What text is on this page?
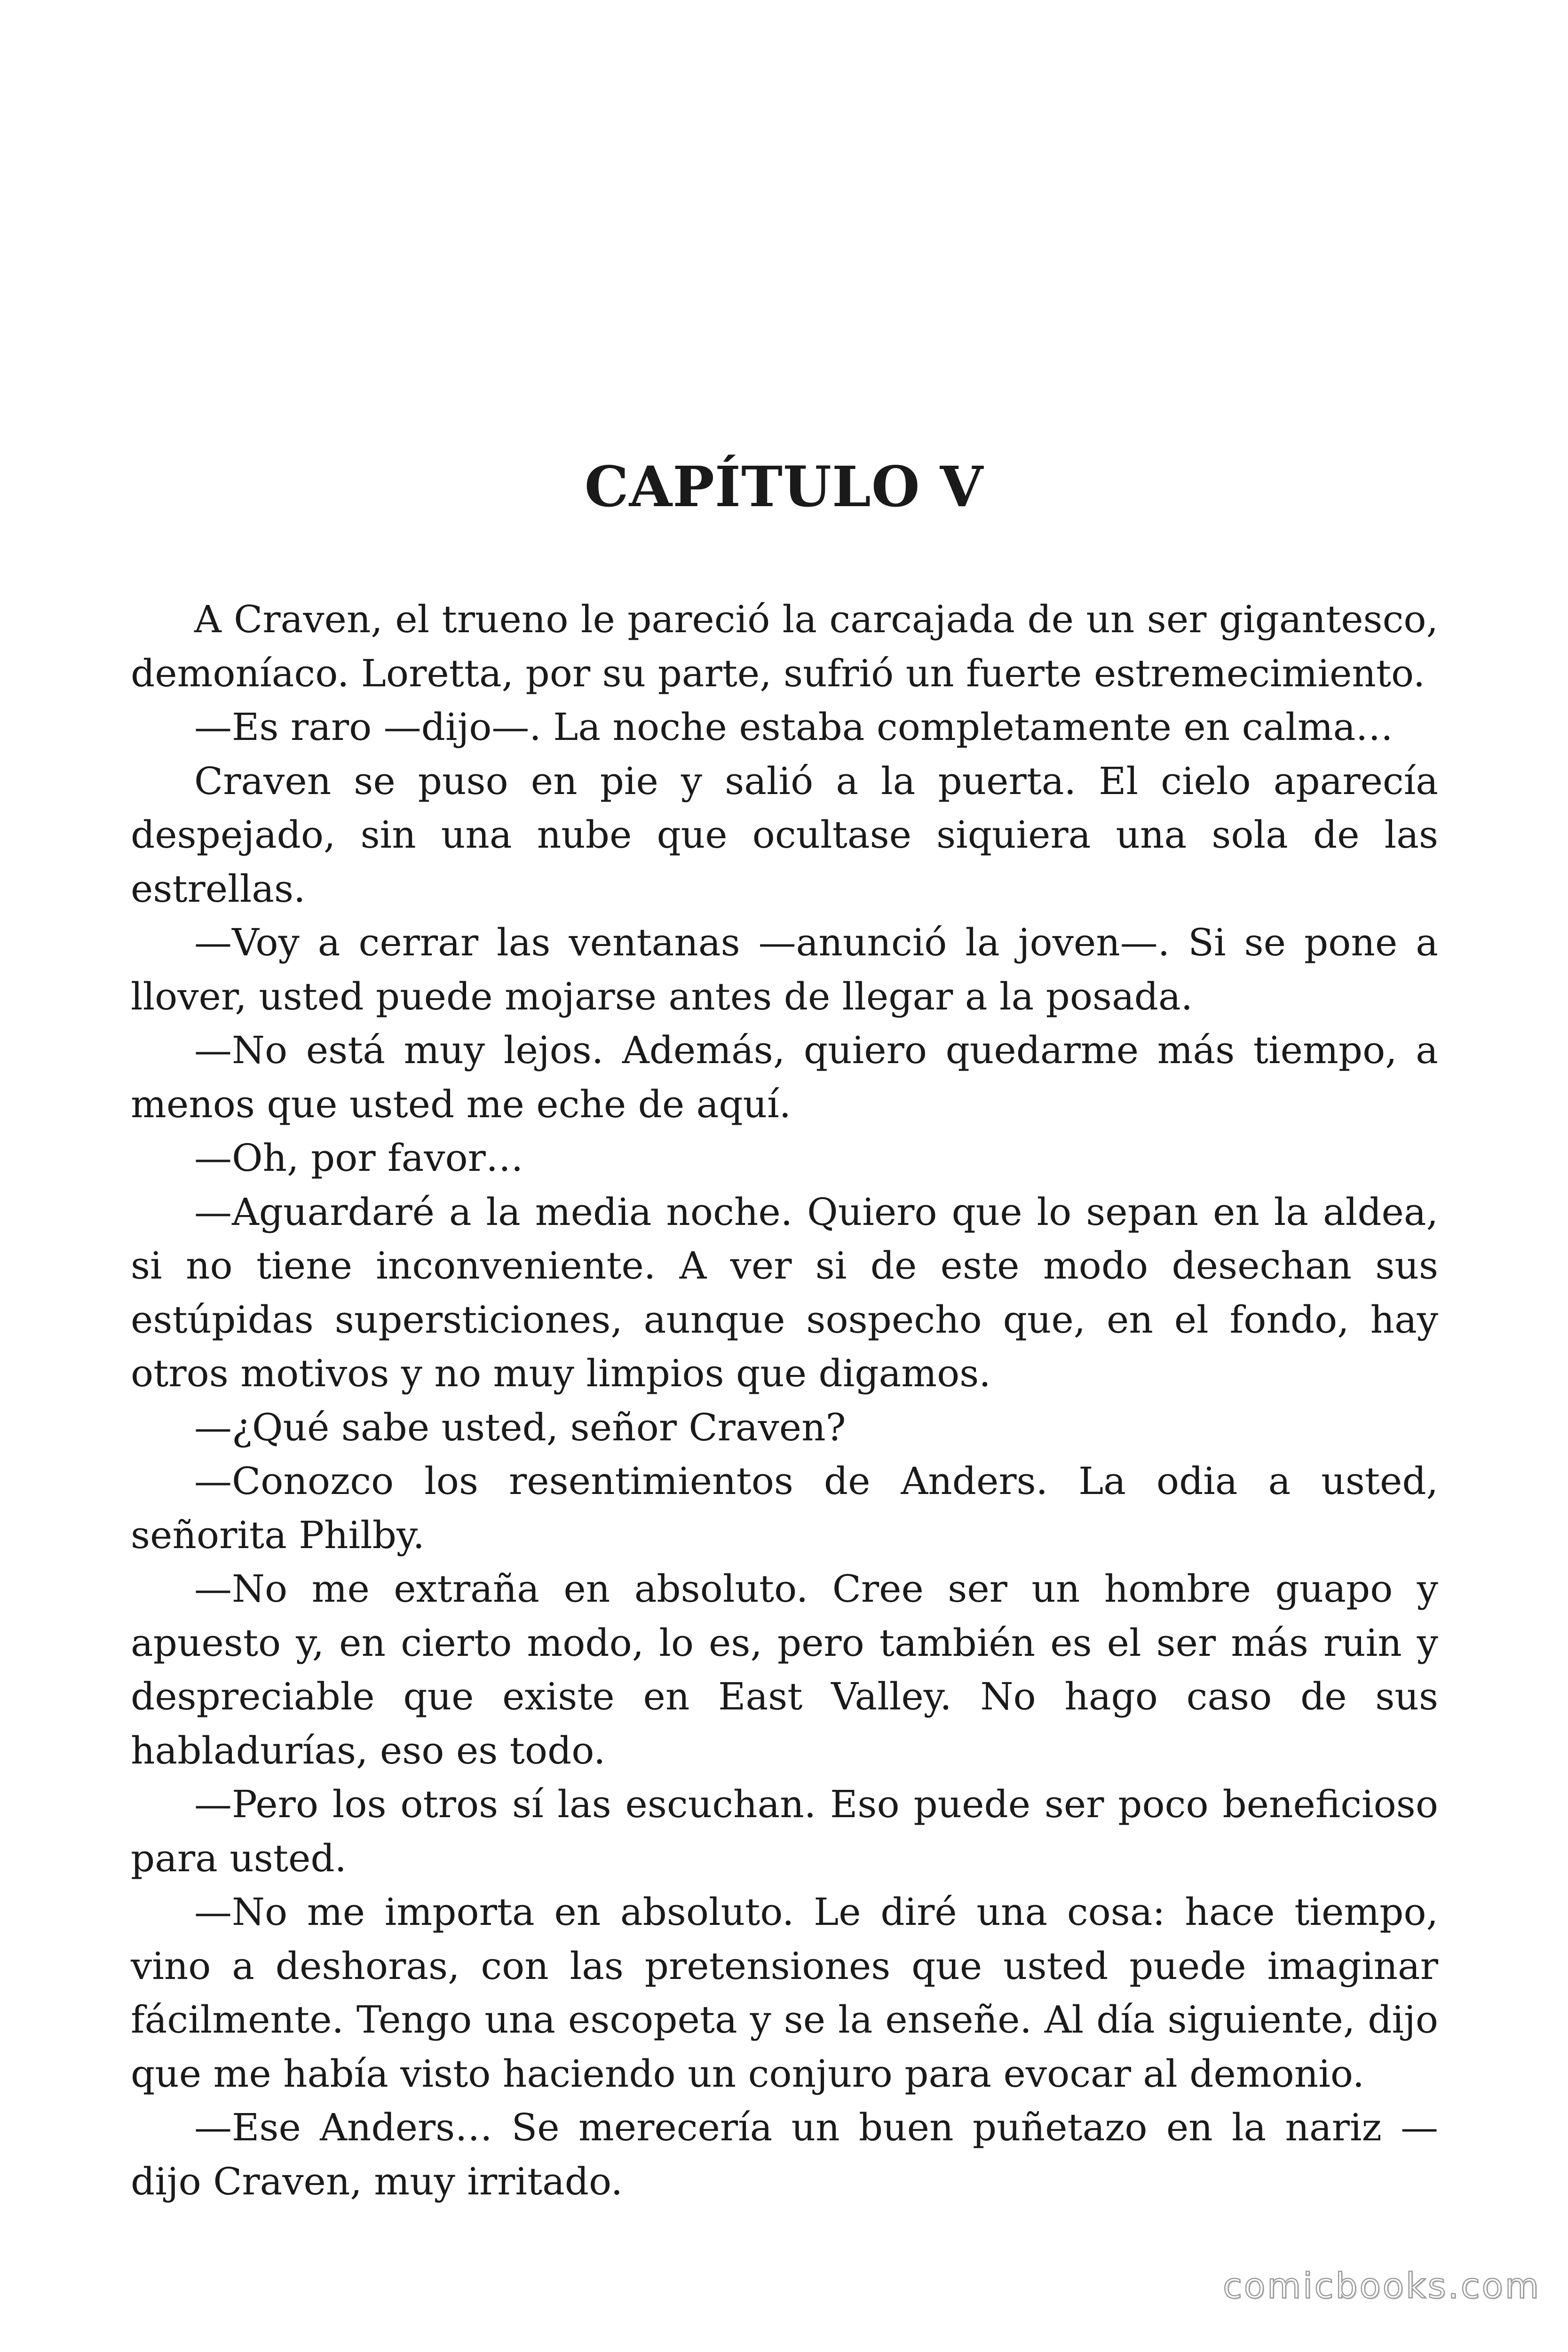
CAPÍTULO V

A Craven, el trueno le pareció la carcajada de un ser gigantesco, demoníaco. Loretta, por su parte, sufrió un fuerte estremecimiento.

—Es raro —dijo—. La noche estaba completamente en calma…

Craven se puso en pie y salió a la puerta. El cielo aparecía despejado, sin una nube que ocultase siquiera una sola de las estrellas.

—Voy a cerrar las ventanas —anunció la joven—. Si se pone a llover, usted puede mojarse antes de llegar a la posada.

—No está muy lejos. Además, quiero quedarme más tiempo, a menos que usted me eche de aquí.

—Oh, por favor…

—Aguardaré a la media noche. Quiero que lo sepan en la aldea, si no tiene inconveniente. A ver si de este modo desechan sus estúpidas supersticiones, aunque sospecho que, en el fondo, hay otros motivos y no muy limpios que digamos.

—¿Qué sabe usted, señor Craven?

—Conozco los resentimientos de Anders. La odia a usted, señorita Philby.

—No me extraña en absoluto. Cree ser un hombre guapo y apuesto y, en cierto modo, lo es, pero también es el ser más ruin y despreciable que existe en East Valley. No hago caso de sus habladurías, eso es todo.

—Pero los otros sí las escuchan. Eso puede ser poco beneficioso para usted.

—No me importa en absoluto. Le diré una cosa: hace tiempo, vino a deshoras, con las pretensiones que usted puede imaginar fácilmente. Tengo una escopeta y se la enseñe. Al día siguiente, dijo que me había visto haciendo un conjuro para evocar al demonio.

—Ese Anders… Se merecería un buen puñetazo en la nariz — dijo Craven, muy irritado.

comicbooks.com
